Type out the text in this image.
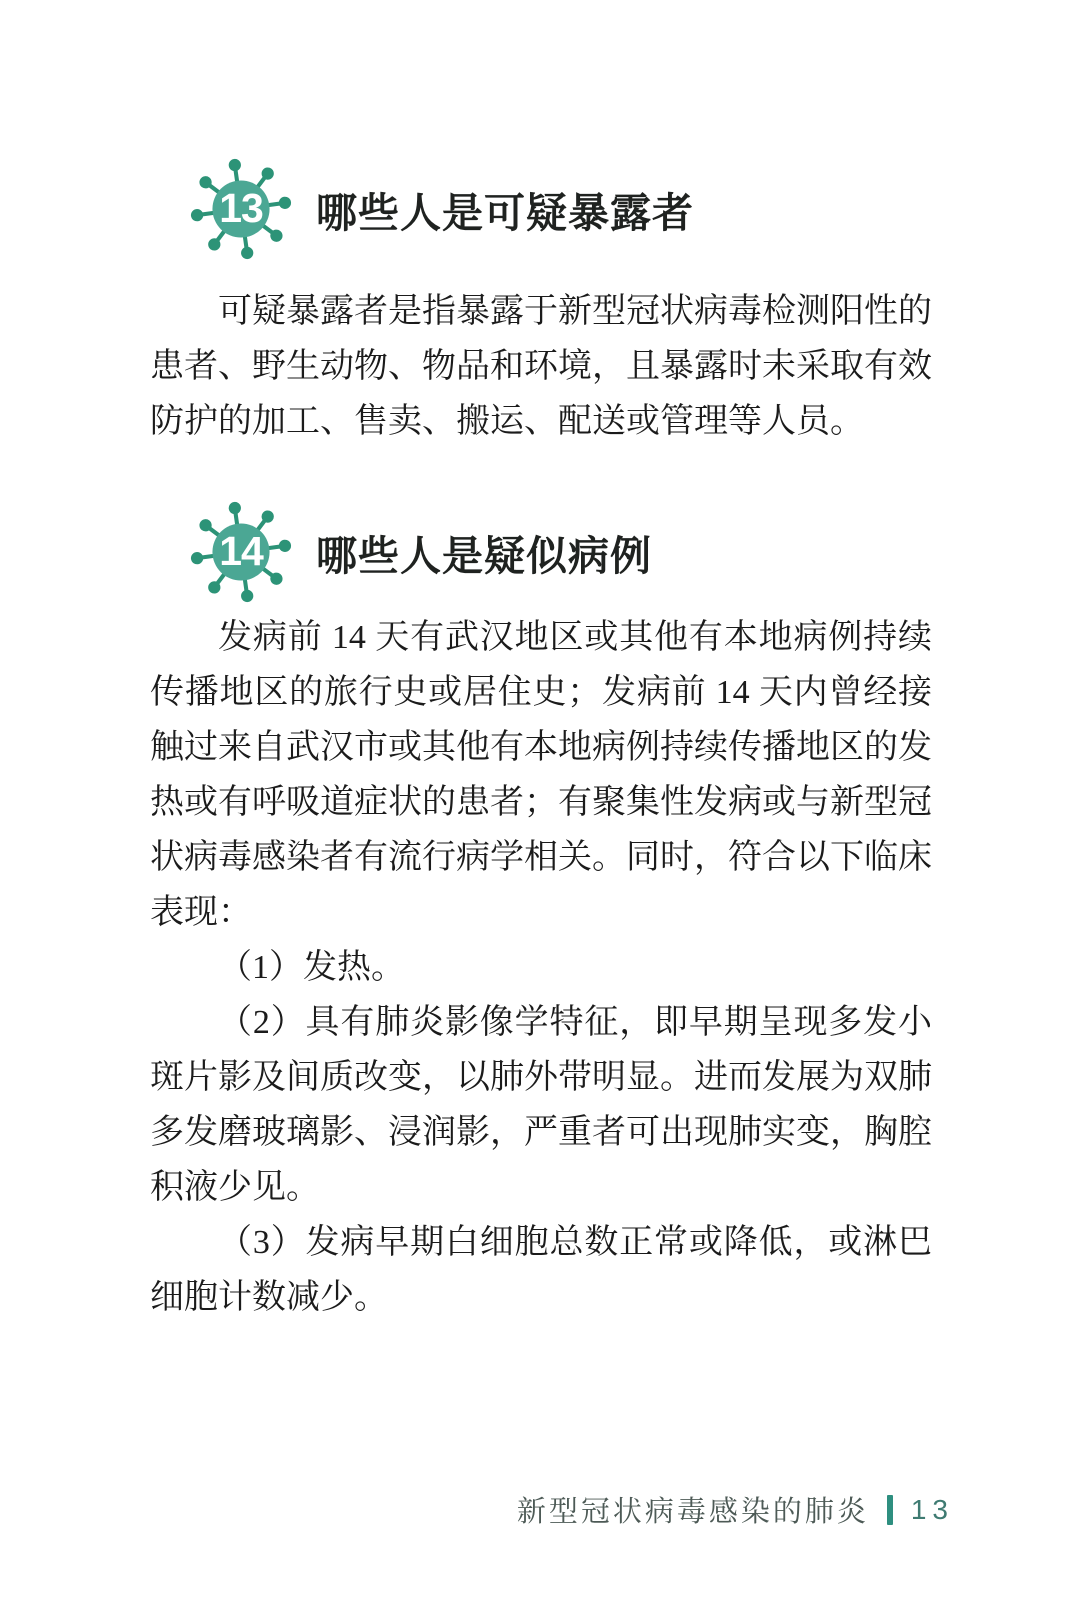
13	哪些人是可疑暴露者

可疑暴露者是指暴露于新型冠状病毒检测阳性的患者、野生动物、物品和环境，且暴露时未采取有效防护的加工、售卖、搬运、配送或管理等人员。

14	哪些人是疑似病例

发病前 14 天有武汉地区或其他有本地病例持续传播地区的旅行史或居住史；发病前 14 天内曾经接触过来自武汉市或其他有本地病例持续传播地区的发热或有呼吸道症状的患者；有聚集性发病或与新型冠状病毒感染者有流行病学相关。同时，符合以下临床表现：

（1）发热。

（2）具有肺炎影像学特征，即早期呈现多发小斑片影及间质改变，以肺外带明显。进而发展为双肺多发磨玻璃影、浸润影，严重者可出现肺实变，胸腔积液少见。

（3）发病早期白细胞总数正常或降低，或淋巴细胞计数减少。

新型冠状病毒感染的肺炎 13
